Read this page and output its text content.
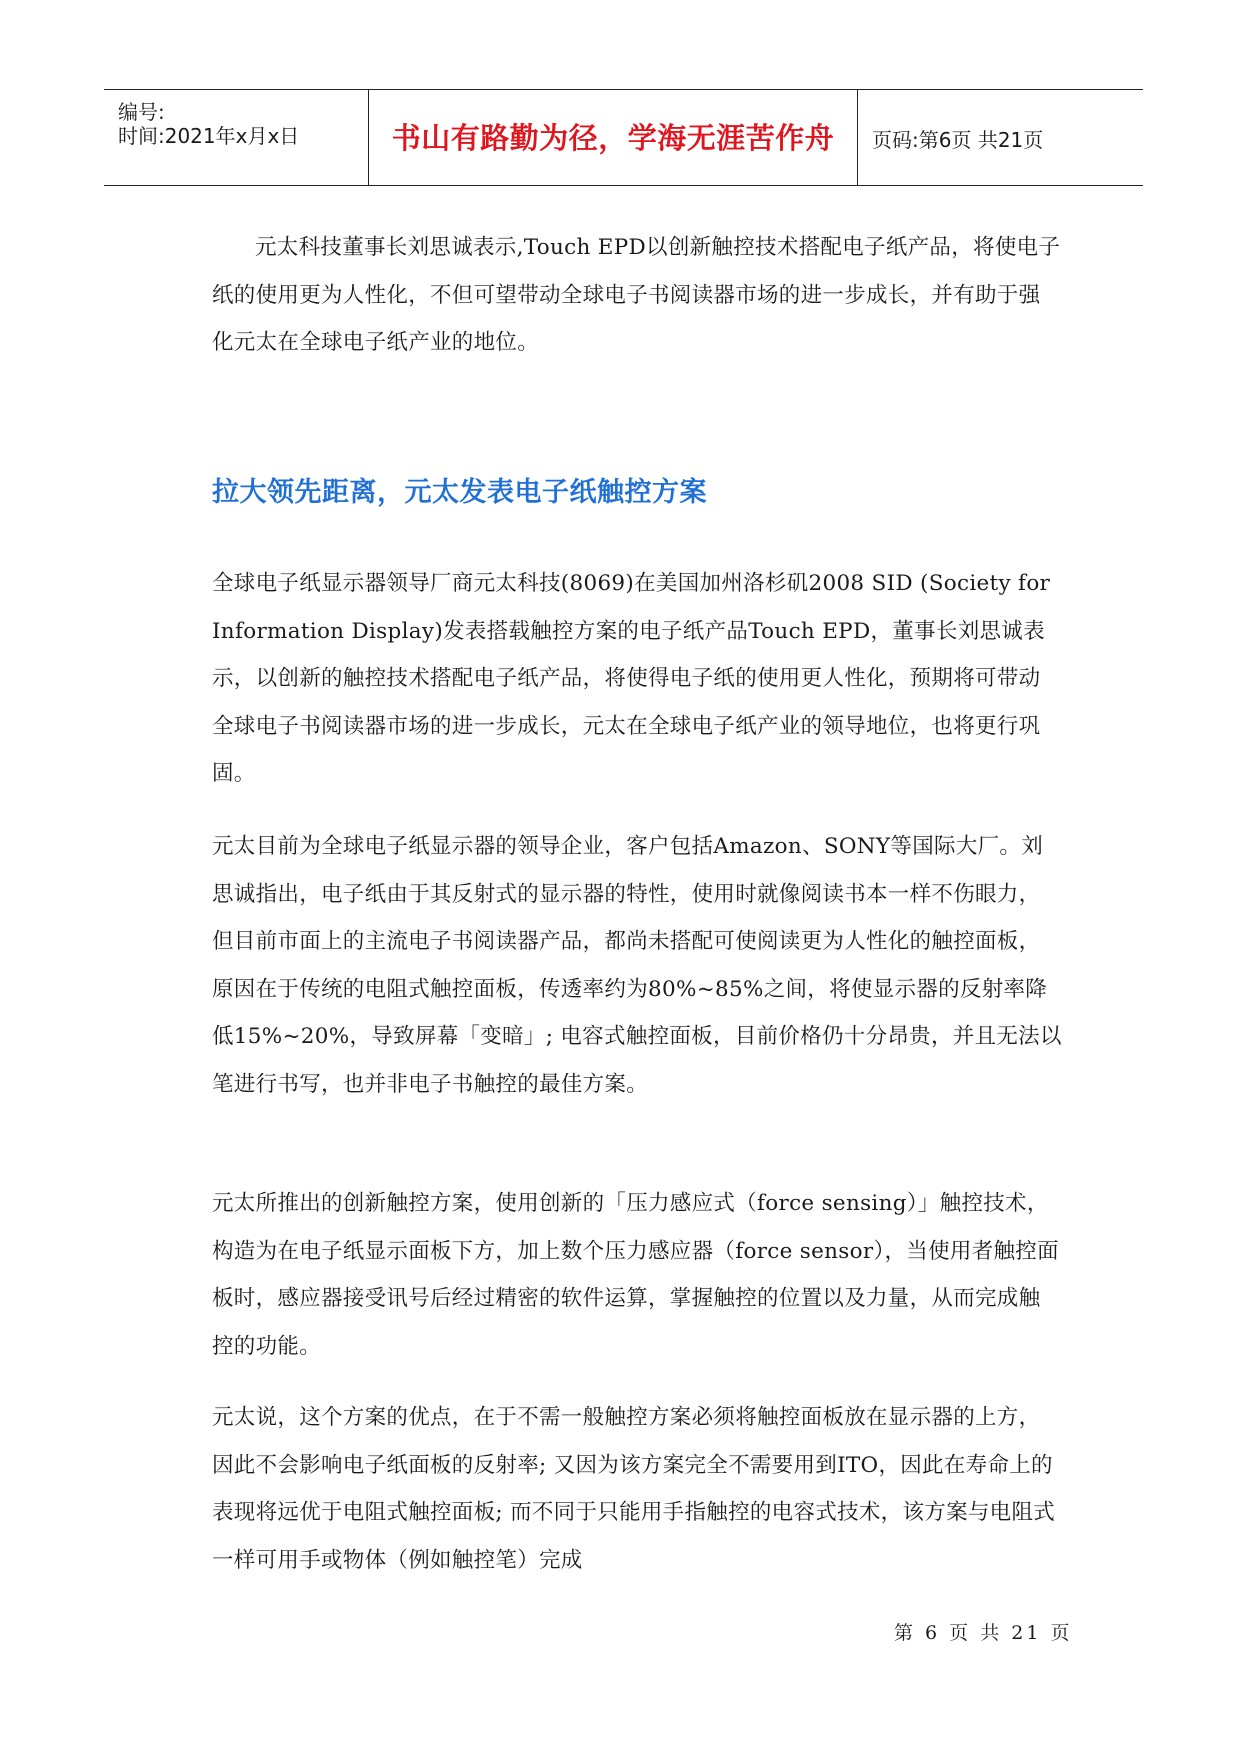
编号:
时间:2021年x月x日	书山有路勤为径，学海无涯苦作舟	页码:第6页 共21页

元太科技董事长刘思诚表示,Touch EPD以创新触控技术搭配电子纸产品，将使电子纸的使用更为人性化，不但可望带动全球电子书阅读器市场的进一步成长，并有助于强化元太在全球电子纸产业的地位。

拉大领先距离，元太发表电子纸触控方案

全球电子纸显示器领导厂商元太科技(8069)在美国加州洛杉矶2008 SID (Society for Information Display)发表搭载触控方案的电子纸产品Touch EPD，董事长刘思诚表示，以创新的触控技术搭配电子纸产品，将使得电子纸的使用更人性化，预期将可带动全球电子书阅读器市场的进一步成长，元太在全球电子纸产业的领导地位，也将更行巩固。

元太目前为全球电子纸显示器的领导企业，客户包括Amazon、SONY等国际大厂。刘思诚指出，电子纸由于其反射式的显示器的特性，使用时就像阅读书本一样不伤眼力，但目前市面上的主流电子书阅读器产品，都尚未搭配可使阅读更为人性化的触控面板，原因在于传统的电阻式触控面板，传透率约为80%~85%之间，将使显示器的反射率降低15%~20%，导致屏幕「变暗」; 电容式触控面板，目前价格仍十分昂贵，并且无法以笔进行书写，也并非电子书触控的最佳方案。

元太所推出的创新触控方案，使用创新的「压力感应式（force sensing）」触控技术，构造为在电子纸显示面板下方，加上数个压力感应器（force sensor），当使用者触控面板时，感应器接受讯号后经过精密的软件运算，掌握触控的位置以及力量，从而完成触控的功能。

元太说，这个方案的优点，在于不需一般触控方案必须将触控面板放在显示器的上方，因此不会影响电子纸面板的反射率; 又因为该方案完全不需要用到ITO，因此在寿命上的表现将远优于电阻式触控面板; 而不同于只能用手指触控的电容式技术，该方案与电阻式一样可用手或物体（例如触控笔）完成

第 6 页 共 21 页
